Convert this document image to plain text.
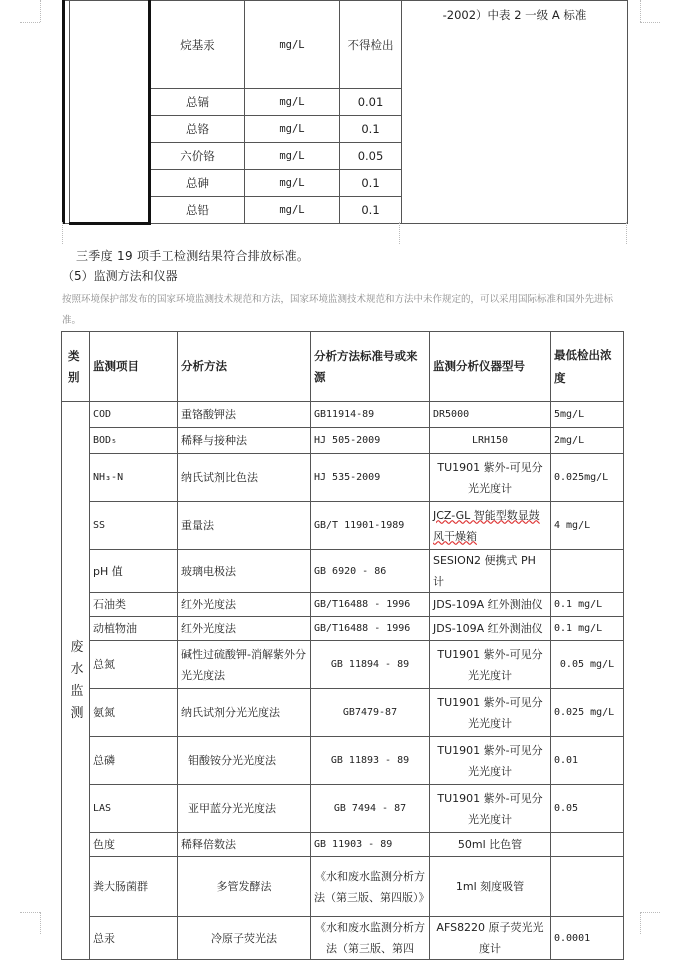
		烷基汞	mg/L	不得检出	-2002）中表 2 一级 A 标准
		总镉	mg/L	0.01	
		总铬	mg/L	0.1	
		六价铬	mg/L	0.05	
		总砷	mg/L	0.1	
		总铅	mg/L	0.1	
三季度 19 项手工检测结果符合排放标准。
（5）监测方法和仪器
按照环境保护部发布的国家环境监测技术规范和方法，国家环境监测技术规范和方法中未作规定的，可以采用国际标准和国外先进标准。
类别	监测项目	分析方法	分析方法标准号或来源	监测分析仪器型号	最低检出浓度

废水监测	COD	重铬酸钾法	GB11914-89	DR5000	5mg/L
	BOD₅	稀释与接种法	HJ 505-2009	LRH150	2mg/L
	NH₃-N	纳氏试剂比色法	HJ 535-2009	TU1901 紫外-可见分光光度计	0.025mg/L
	SS	重量法	GB/T 11901-1989	JCZ-GL 智能型数显鼓风干燥箱	4 mg/L
	pH 值	玻璃电极法	GB 6920 - 86	SESION2 便携式 PH 计	
	石油类	红外光度法	GB/T16488 - 1996	JDS-109A 红外测油仪	0.1 mg/L
	动植物油	红外光度法	GB/T16488 - 1996	JDS-109A 红外测油仪	0.1 mg/L
	总氮	碱性过硫酸钾-消解紫外分光光度法	GB 11894 - 89	TU1901 紫外-可见分光光度计	0.05 mg/L
	氨氮	纳氏试剂分光光度法	GB7479-87	TU1901 紫外-可见分光光度计	0.025 mg/L
	总磷	钼酸铵分光光度法	GB 11893 - 89	TU1901 紫外-可见分光光度计	0.01
	LAS	亚甲蓝分光光度法	GB 7494 - 87	TU1901 紫外-可见分光光度计	0.05
	色度	稀释倍数法	GB 11903 - 89	50ml 比色管	
	粪大肠菌群	多管发酵法	《水和废水监测分析方法（第三版、第四版）》	1ml 刻度吸管	
	总汞	冷原子荧光法	《水和废水监测分析方法（第三版、第四	AFS8220 原子荧光光度计	0.0001
